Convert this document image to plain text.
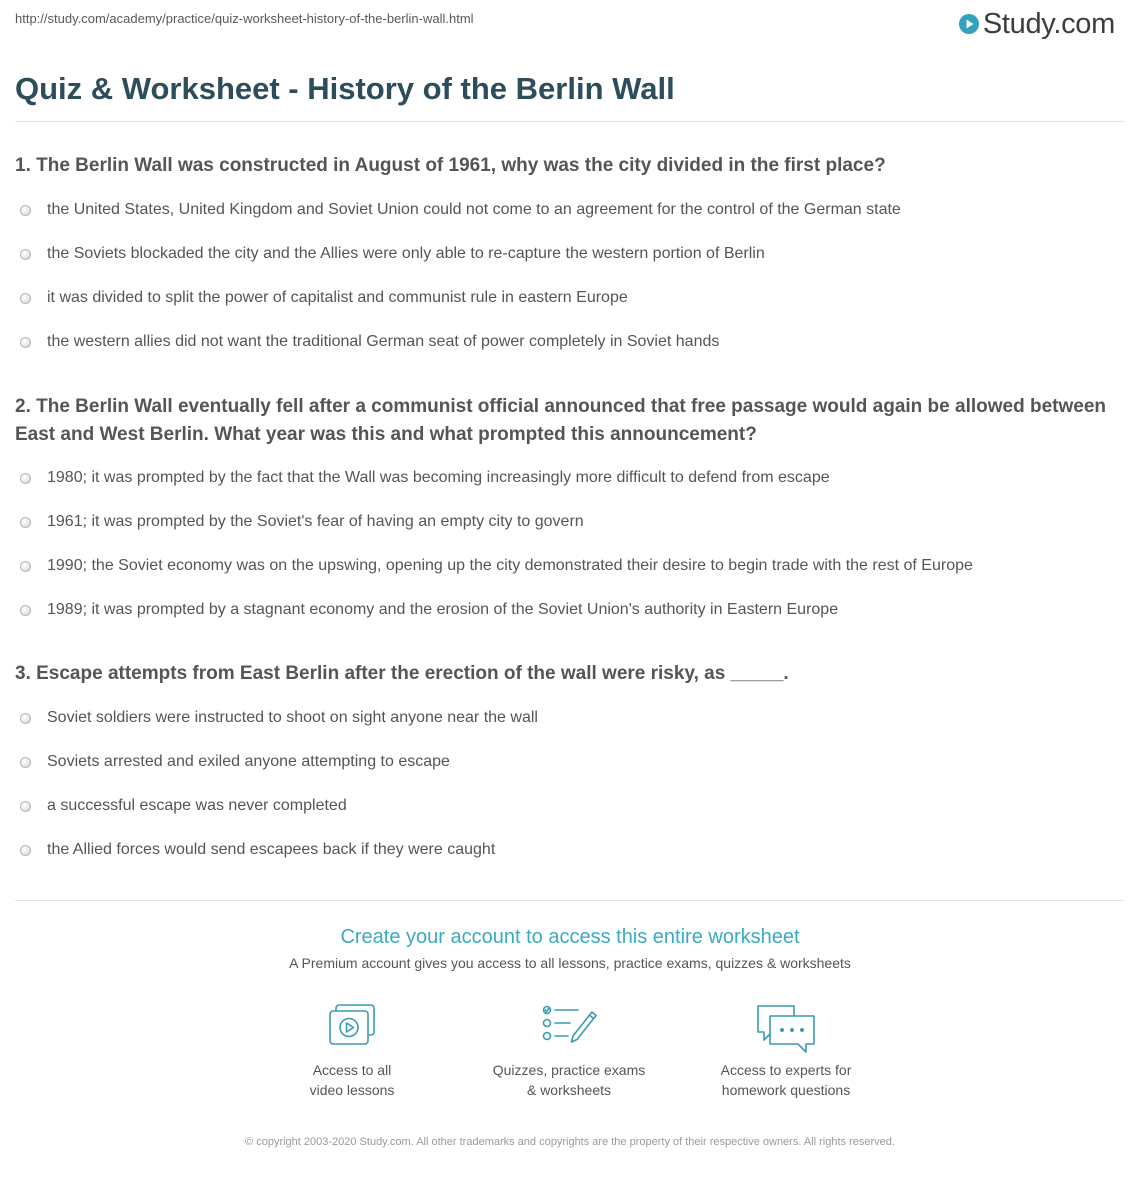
http://study.com/academy/practice/quiz-worksheet-history-of-the-berlin-wall.html	Study.com
Quiz & Worksheet - History of the Berlin Wall

1. The Berlin Wall was constructed in August of 1961, why was the city divided in the first place?

the United States, United Kingdom and Soviet Union could not come to an agreement for the control of the German state
the Soviets blockaded the city and the Allies were only able to re-capture the western portion of Berlin
it was divided to split the power of capitalist and communist rule in eastern Europe
the western allies did not want the traditional German seat of power completely in Soviet hands

2. The Berlin Wall eventually fell after a communist official announced that free passage would again be allowed between East and West Berlin. What year was this and what prompted this announcement?

1980; it was prompted by the fact that the Wall was becoming increasingly more difficult to defend from escape
1961; it was prompted by the Soviet's fear of having an empty city to govern
1990; the Soviet economy was on the upswing, opening up the city demonstrated their desire to begin trade with the rest of Europe
1989; it was prompted by a stagnant economy and the erosion of the Soviet Union's authority in Eastern Europe

3. Escape attempts from East Berlin after the erection of the wall were risky, as _____.

Soviet soldiers were instructed to shoot on sight anyone near the wall
Soviets arrested and exiled anyone attempting to escape
a successful escape was never completed
the Allied forces would send escapees back if they were caught
Create your account to access this entire worksheet
A Premium account gives you access to all lessons, practice exams, quizzes & worksheets
Access to all
video lessons
Quizzes, practice exams
& worksheets
Access to experts for
homework questions
© copyright 2003-2020 Study.com. All other trademarks and copyrights are the property of their respective owners. All rights reserved.
